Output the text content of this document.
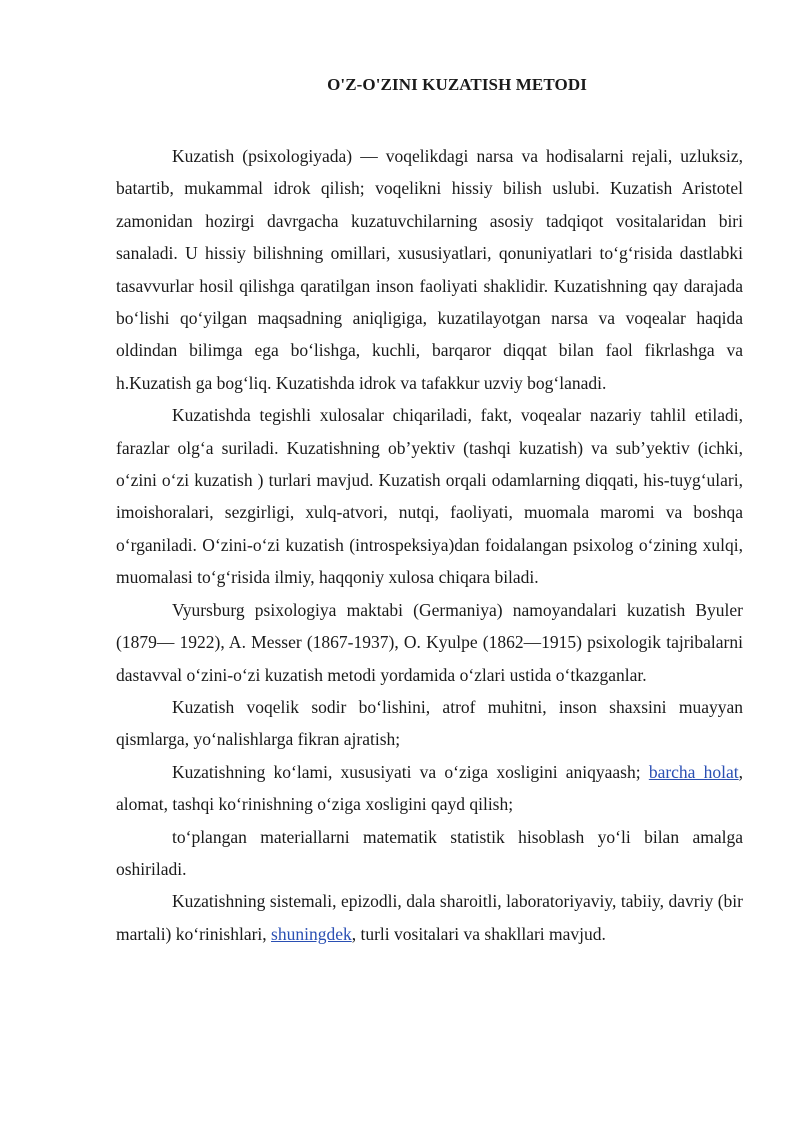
O'Z-O'ZINI KUZATISH METODI

Kuzatish (psixologiyada) — voqelikdagi narsa va hodisalarni rejali, uzluksiz, batartib, mukammal idrok qilish; voqelikni hissiy bilish uslubi. Kuzatish Aristotel zamonidan hozirgi davrgacha kuzatuvchilarning asosiy tadqiqot vositalaridan biri sanaladi. U hissiy bilishning omillari, xususiyatlari, qonuniyatlari to‘g‘risida dastlabki tasavvurlar hosil qilishga qaratilgan inson faoliyati shaklidir. Kuzatishning qay darajada bo‘lishi qo‘yilgan maqsadning aniqligiga, kuzatilayotgan narsa va voqealar haqida oldindan bilimga ega bo‘lishga, kuchli, barqaror diqqat bilan faol fikrlashga va h.Kuzatish ga bog‘liq. Kuzatishda idrok va tafakkur uzviy bog‘lanadi.

Kuzatishda tegishli xulosalar chiqariladi, fakt, voqealar nazariy tahlil etiladi, farazlar olg‘a suriladi. Kuzatishning ob’yektiv (tashqi kuzatish) va sub’yektiv (ichki, o‘zini o‘zi kuzatish ) turlari mavjud. Kuzatish orqali odamlarning diqqati, his-tuyg‘ulari, imoishoralari, sezgirligi, xulq-atvori, nutqi, faoliyati, muomala maromi va boshqa o‘rganiladi. O‘zini-o‘zi kuzatish (introspeksiya)dan foidalangan psixolog o‘zining xulqi, muomalasi to‘g‘risida ilmiy, haqqoniy xulosa chiqara biladi.

Vyursburg psixologiya maktabi (Germaniya) namoyandalari kuzatish Byuler (1879— 1922), A. Messer (1867-1937), O. Kyulpe (1862—1915) psixologik tajribalarni dastavval o‘zini-o‘zi kuzatish metodi yordamida o‘zlari ustida o‘tkazganlar.

Kuzatish voqelik sodir bo‘lishini, atrof muhitni, inson shaxsini muayyan qismlarga, yo‘nalishlarga fikran ajratish;

Kuzatishning ko‘lami, xususiyati va o‘ziga xosligini aniqyaash; barcha holat, alomat, tashqi ko‘rinishning o‘ziga xosligini qayd qilish;

to‘plangan materiallarni matematik statistik hisoblash yo‘li bilan amalga oshiriladi.

Kuzatishning sistemali, epizodli, dala sharoitli, laboratoriyaviy, tabiiy, davriy (bir martali) ko‘rinishlari, shuningdek, turli vositalari va shakllari mavjud.
